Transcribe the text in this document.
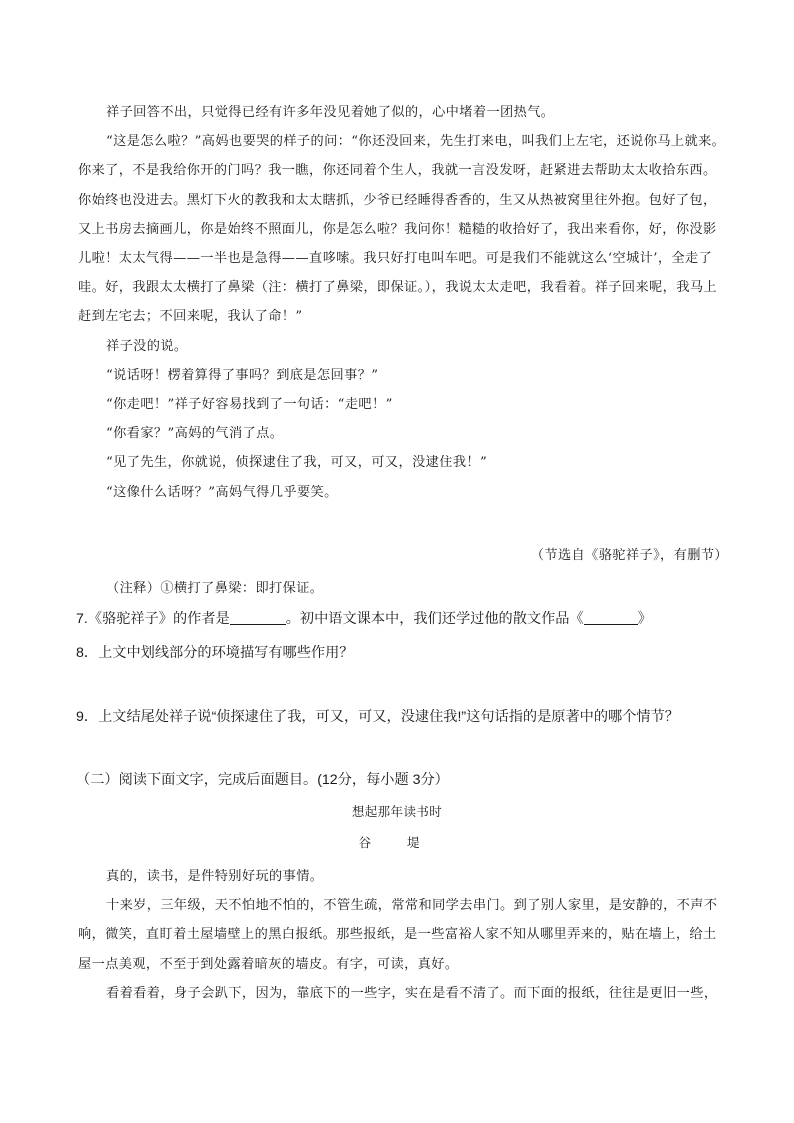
祥子回答不出，只觉得已经有许多年没见着她了似的，心中堵着一团热气。

“这是怎么啦？”高妈也要哭的样子的问：“你还没回来，先生打来电，叫我们上左宅，还说你马上就来。你来了，不是我给你开的门吗？我一瞧，你还同着个生人，我就一言没发呀，赶紧进去帮助太太收拾东西。你始终也没进去。黑灯下火的教我和太太瞎抓，少爷已经睡得香香的，生又从热被窝里往外抱。包好了包，又上书房去摘画儿，你是始终不照面儿，你是怎么啦？我问你！糙糙的收拾好了，我出来看你，好，你没影儿啦！太太气得——一半也是急得——直哆嗦。我只好打电叫车吧。可是我们不能就这么‘空城计’，全走了哇。好，我跟太太横打了鼻梁（注：横打了鼻梁，即保证。），我说太太走吧，我看着。祥子回来呢，我马上赶到左宅去；不回来呢，我认了命！”

祥子没的说。

“说话呀！楞着算得了事吗？到底是怎回事？”

“你走吧！”祥子好容易找到了一句话：“走吧！”

“你看家？”高妈的气消了点。

“见了先生，你就说，侦探逮住了我，可又，可又，没逮住我！”

“这像什么话呀？”高妈气得几乎要笑。

（节选自《骆驼祥子》，有删节）
（注释）①横打了鼻梁：即打保证。
7.《骆驼祥子》的作者是	。初中语文课本中，我们还学过他的散文作品《	》
8．上文中划线部分的环境描写有哪些作用？
9．上文结尾处祥子说“侦探逮住了我，可又，可又，没逮住我!”这句话指的是原著中的哪个情节？
（二）阅读下面文字，完成后面题目。(12分，每小题 3分）
想起那年读书时
谷 堤

真的，读书，是件特别好玩的事情。

十来岁，三年级，天不怕地不怕的，不管生疏，常常和同学去串门。到了别人家里，是安静的，不声不响，微笑，直盯着土屋墙壁上的黑白报纸。那些报纸，是一些富裕人家不知从哪里弄来的，贴在墙上，给土屋一点美观，不至于到处露着暗灰的墙皮。有字，可读，真好。

看着看着，身子会趴下，因为，靠底下的一些字，实在是看不清了。而下面的报纸，往往是更旧一些，
